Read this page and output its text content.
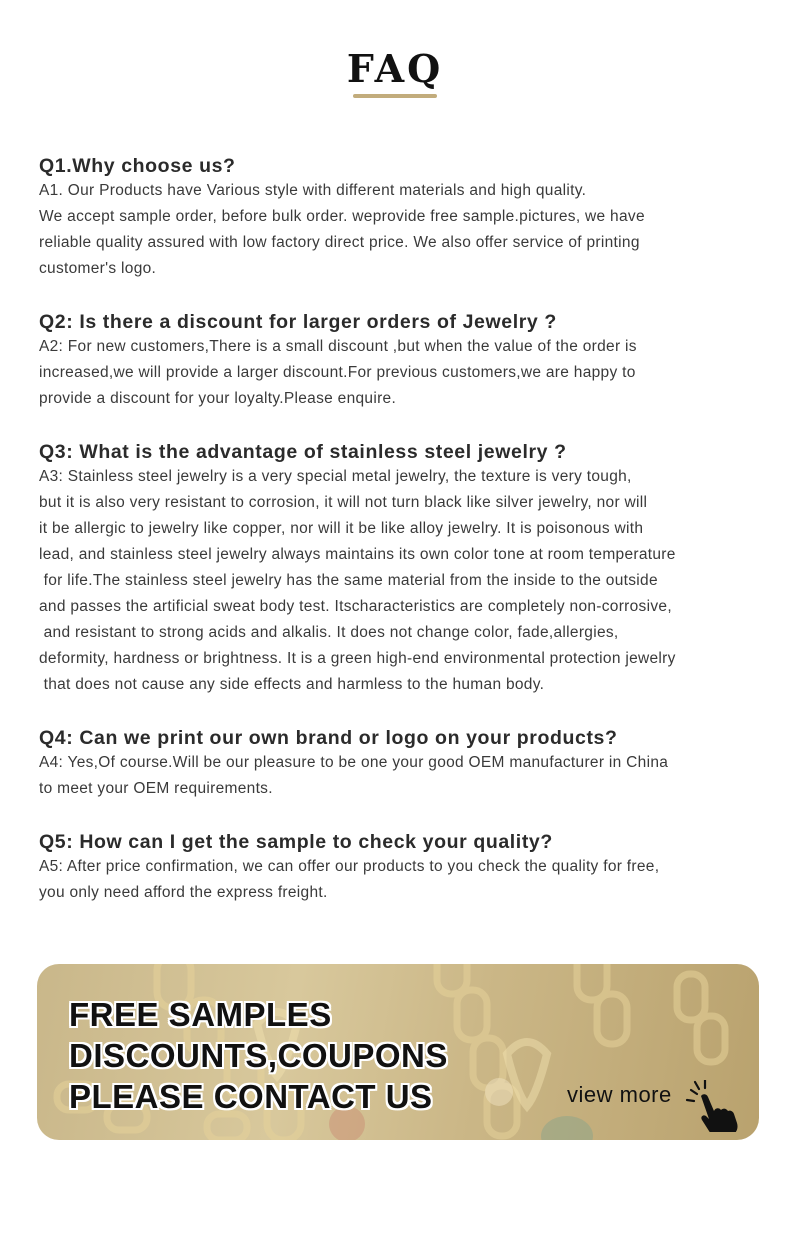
FAQ
Q1.Why choose us?
A1. Our Products have Various style with different materials and high quality.
We accept sample order, before bulk order. weprovide free sample.pictures, we have
reliable quality assured with low factory direct price. We also offer service of printing
customer's logo.
Q2: Is there a discount for larger orders of Jewelry ?
A2: For new customers,There is a small discount ,but when the value of the order is
increased,we will provide a larger discount.For previous customers,we are happy to
provide a discount for your loyalty.Please enquire.
Q3: What is the advantage of stainless steel jewelry ?
A3: Stainless steel jewelry is a very special metal jewelry, the texture is very tough,
but it is also very resistant to corrosion, it will not turn black like silver jewelry, nor will
it be allergic to jewelry like copper, nor will it be like alloy jewelry. It is poisonous with
lead, and stainless steel jewelry always maintains its own color tone at room temperature
for life.The stainless steel jewelry has the same material from the inside to the outside
and passes the artificial sweat body test. Itscharacteristics are completely non-corrosive,
and resistant to strong acids and alkalis. It does not change color, fade,allergies,
deformity, hardness or brightness. It is a green high-end environmental protection jewelry
that does not cause any side effects and harmless to the human body.
Q4: Can we print our own brand or logo on your products?
A4: Yes,Of course.Will be our pleasure to be one your good OEM manufacturer in China
to meet your OEM requirements.
Q5: How can I get the sample to check your quality?
A5: After price confirmation, we can offer our products to you check the quality for free,
you only need afford the express freight.
FREE SAMPLES
DISCOUNTS,COUPONS
PLEASE CONTACT US	view more
